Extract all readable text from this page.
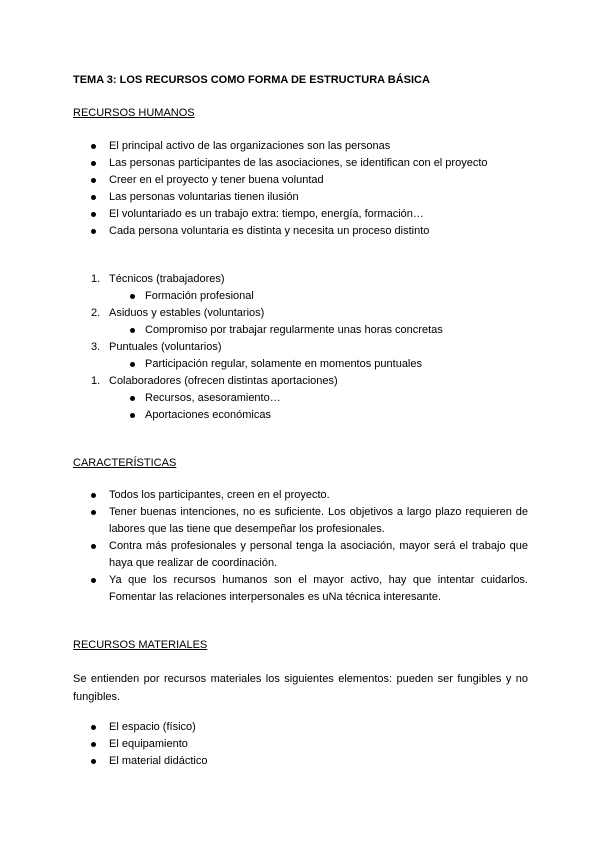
TEMA 3: LOS RECURSOS COMO FORMA DE ESTRUCTURA BÁSICA
RECURSOS HUMANOS
El principal activo de las organizaciones son las personas
Las personas participantes de las asociaciones, se identifican con el proyecto
Creer en el proyecto y tener buena voluntad
Las personas voluntarias tienen ilusión
El voluntariado es un trabajo extra: tiempo, energía, formación…
Cada persona voluntaria es distinta y necesita un proceso distinto
1. Técnicos (trabajadores)
Formación profesional
2. Asiduos y estables (voluntarios)
Compromiso por trabajar regularmente unas horas concretas
3. Puntuales (voluntarios)
Participación regular, solamente en momentos puntuales
1. Colaboradores (ofrecen distintas aportaciones)
Recursos, asesoramiento…
Aportaciones económicas
CARACTERÍSTICAS
Todos los participantes, creen en el proyecto.
Tener buenas intenciones, no es suficiente. Los objetivos a largo plazo requieren de labores que las tiene que desempeñar los profesionales.
Contra más profesionales y personal tenga la asociación, mayor será el trabajo que haya que realizar de coordinación.
Ya que los recursos humanos son el mayor activo, hay que intentar cuidarlos. Fomentar las relaciones interpersonales es uNa técnica interesante.
RECURSOS MATERIALES

Se entienden por recursos materiales los siguientes elementos: pueden ser fungibles y no fungibles.

El espacio (físico)
El equipamiento
El material didáctico
